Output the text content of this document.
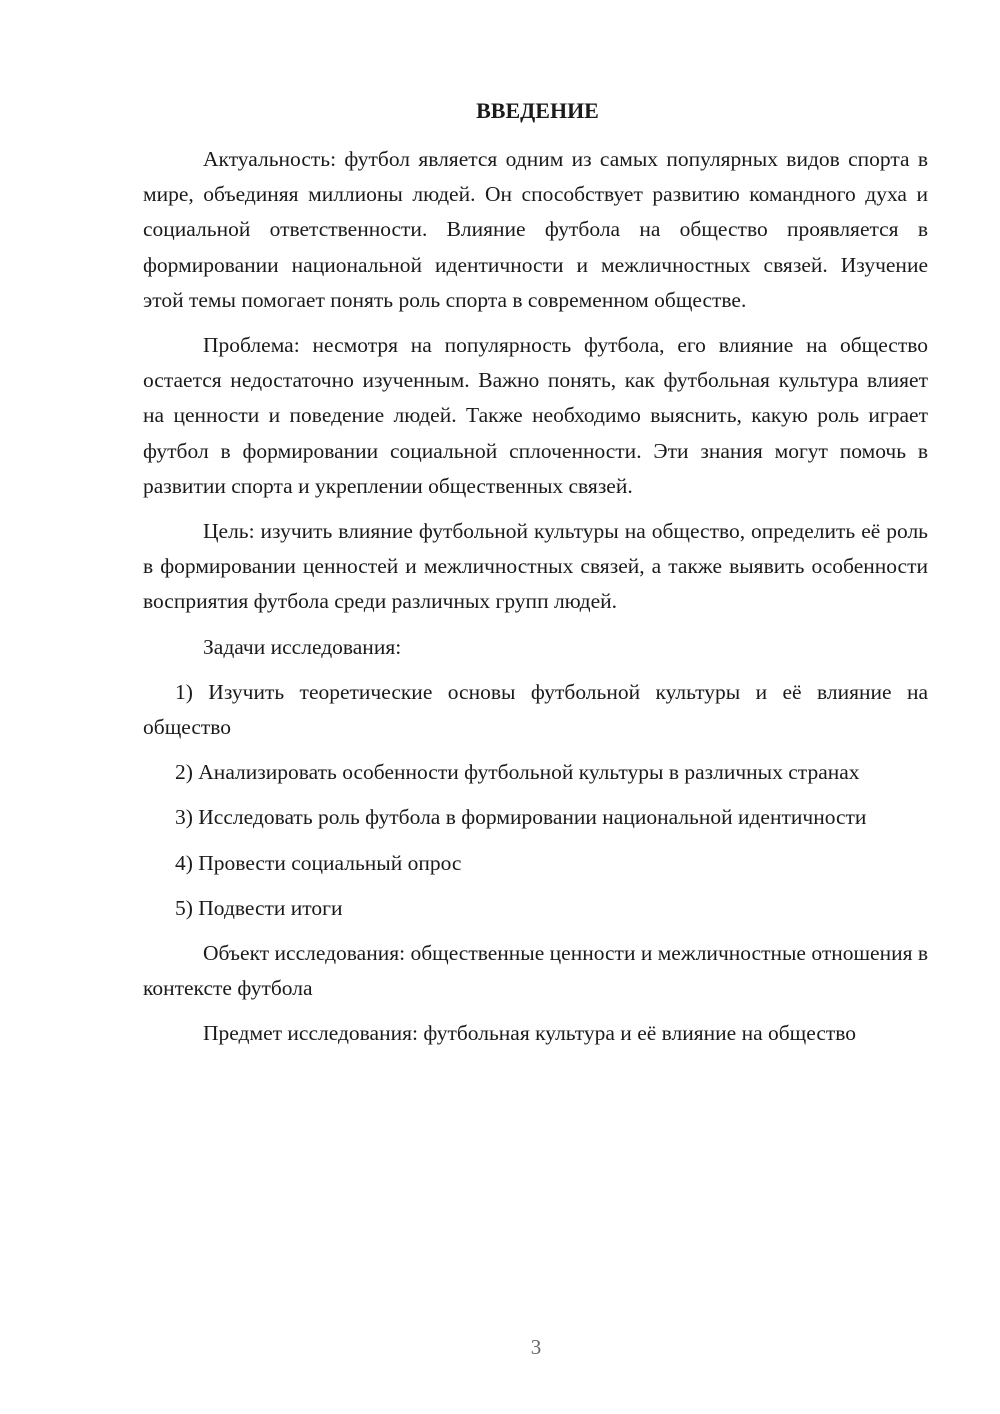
ВВЕДЕНИЕ

Актуальность: футбол является одним из самых популярных видов спорта в мире, объединяя миллионы людей. Он способствует развитию командного духа и социальной ответственности. Влияние футбола на общество проявляется в формировании национальной идентичности и межличностных связей. Изучение этой темы помогает понять роль спорта в современном обществе.

Проблема: несмотря на популярность футбола, его влияние на общество остается недостаточно изученным. Важно понять, как футбольная культура влияет на ценности и поведение людей. Также необходимо выяснить, какую роль играет футбол в формировании социальной сплоченности. Эти знания могут помочь в развитии спорта и укреплении общественных связей.

Цель: изучить влияние футбольной культуры на общество, определить её роль в формировании ценностей и межличностных связей, а также выявить особенности восприятия футбола среди различных групп людей.

Задачи исследования:

1) Изучить теоретические основы футбольной культуры и её влияние на общество

2) Анализировать особенности футбольной культуры в различных странах

3) Исследовать роль футбола в формировании национальной идентичности

4) Провести социальный опрос

5) Подвести итоги

Объект исследования: общественные ценности и межличностные отношения в контексте футбола

Предмет исследования: футбольная культура и её влияние на общество

3
